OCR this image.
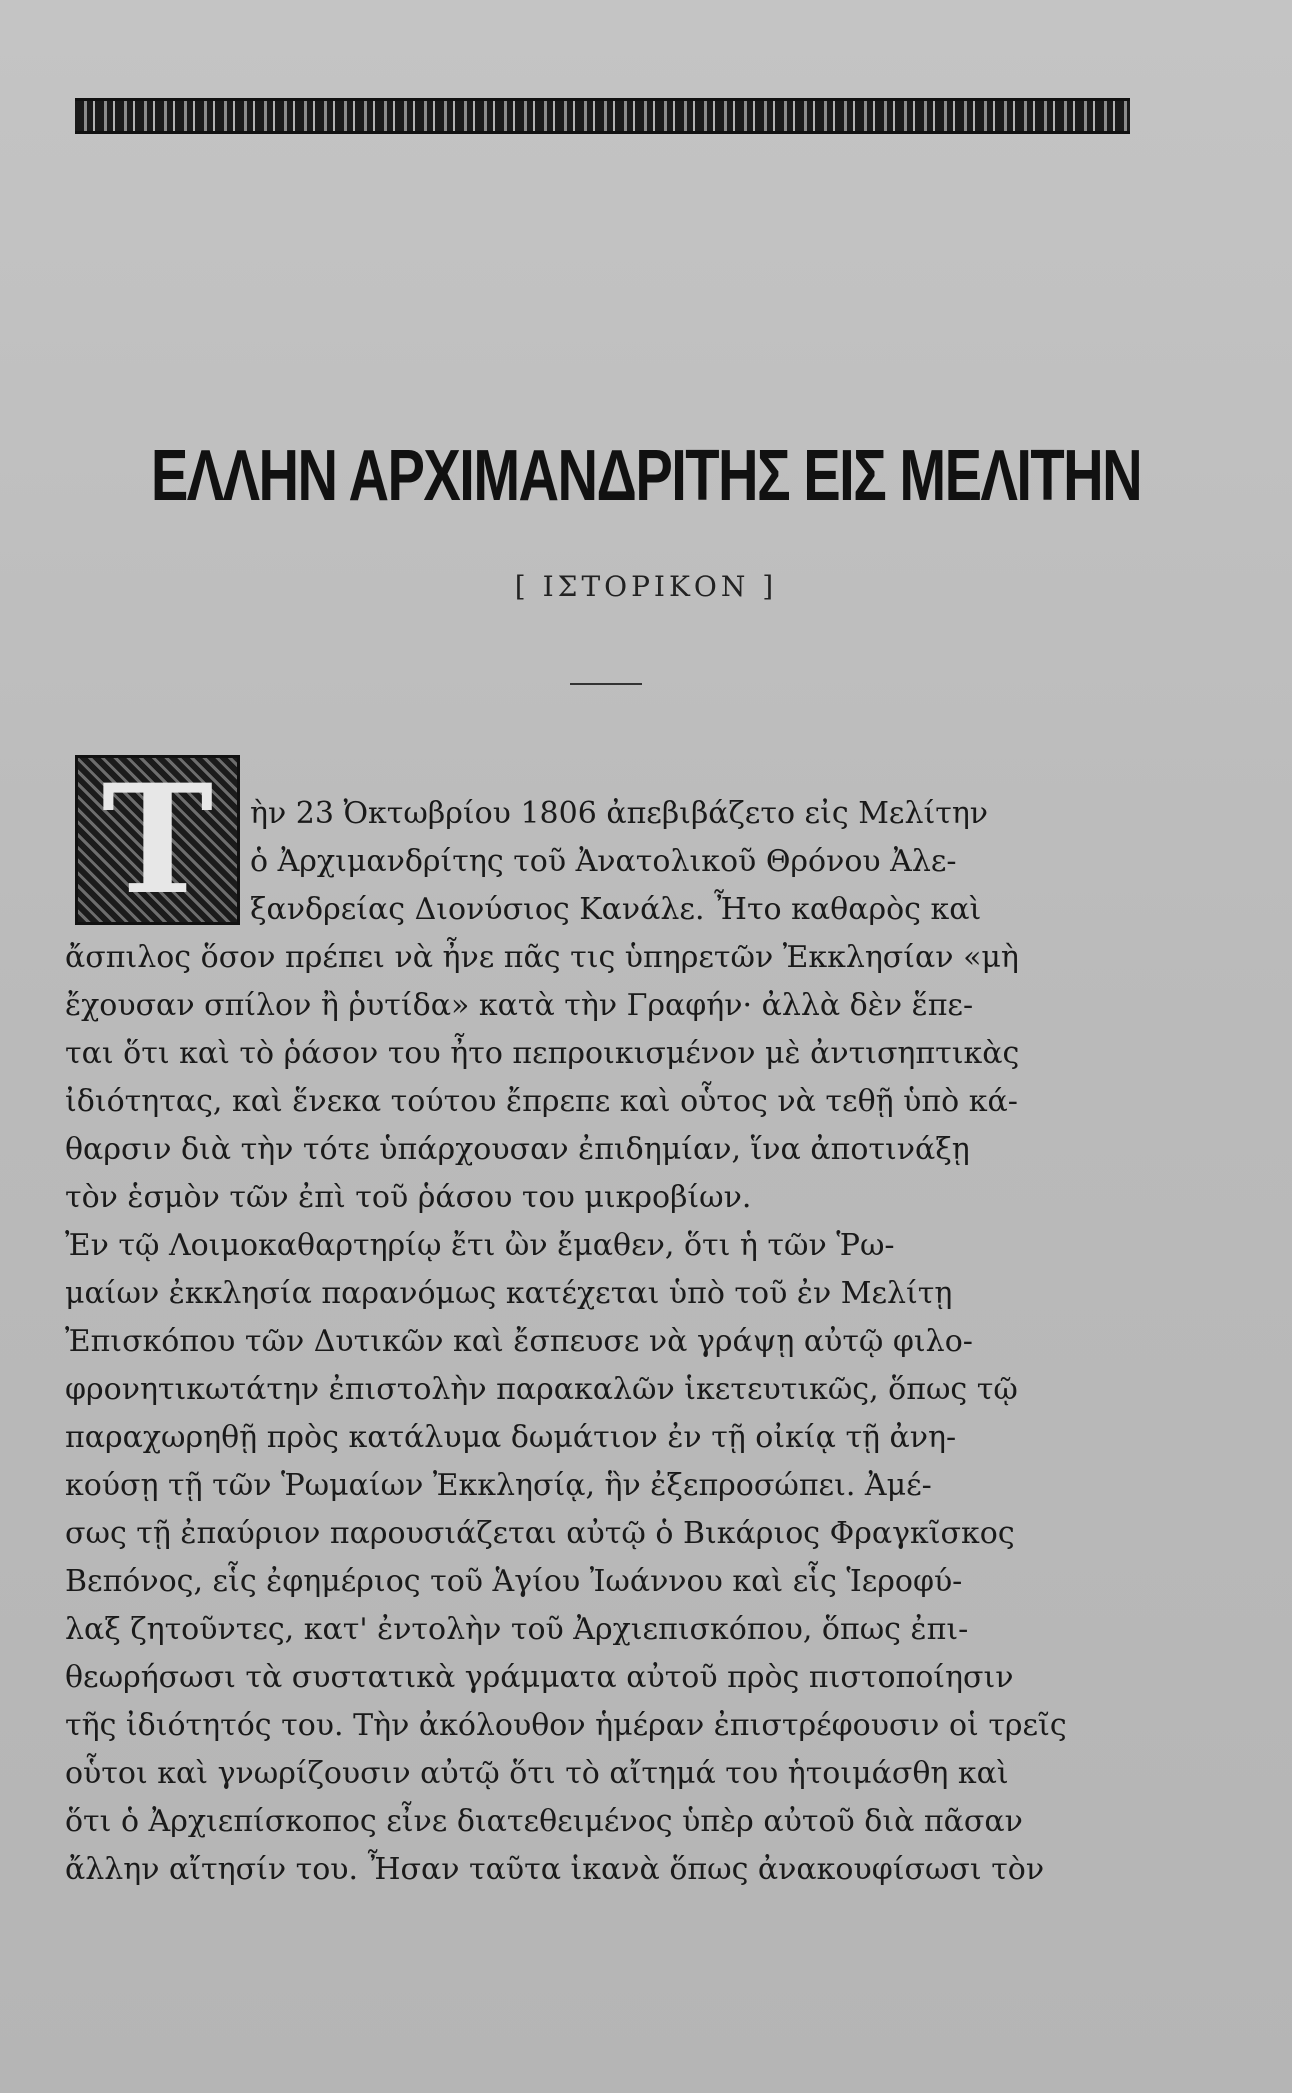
ΕΛΛΗΝ ΑΡΧΙΜΑΝΔΡΙΤΗΣ ΕΙΣ ΜΕΛΙΤΗΝ
[ ΙΣΤΟΡΙΚΟΝ ]
T	ὴν 23 Ὀκτωβρίου 1806 ἀπεβιβάζετο εἰς Μελίτην
ὁ Ἀρχιμανδρίτης τοῦ Ἀνατολικοῦ Θρόνου Ἀλε-
ξανδρείας Διονύσιος Κανάλε. Ἦτο καθαρὸς καὶ
ἄσπιλος ὅσον πρέπει νὰ ἦνε πᾶς τις ὑπηρετῶν Ἐκκλησίαν «μὴ
ἔχουσαν σπίλον ἢ ῥυτίδα» κατὰ τὴν Γραφήν· ἀλλὰ δὲν ἕπε-
ται ὅτι καὶ τὸ ῥάσον του ἦτο πεπροικισμένον μὲ ἀντισηπτικὰς
ἰδιότητας, καὶ ἕνεκα τούτου ἔπρεπε καὶ οὗτος νὰ τεθῇ ὑπὸ κά-
θαρσιν διὰ τὴν τότε ὑπάρχουσαν ἐπιδημίαν, ἵνα ἀποτινάξῃ
τὸν ἑσμὸν τῶν ἐπὶ τοῦ ῥάσου του μικροβίων.
Ἐν τῷ Λοιμοκαθαρτηρίῳ ἔτι ὢν ἔμαθεν, ὅτι ἡ τῶν Ῥω-
μαίων ἐκκλησία παρανόμως κατέχεται ὑπὸ τοῦ ἐν Μελίτῃ
Ἐπισκόπου τῶν Δυτικῶν καὶ ἔσπευσε νὰ γράψῃ αὐτῷ φιλο-
φρονητικωτάτην ἐπιστολὴν παρακαλῶν ἱκετευτικῶς, ὅπως τῷ
παραχωρηθῇ πρὸς κατάλυμα δωμάτιον ἐν τῇ οἰκίᾳ τῇ ἀνη-
κούσῃ τῇ τῶν Ῥωμαίων Ἐκκλησίᾳ, ἣν ἐξεπροσώπει. Ἀμέ-
σως τῇ ἐπαύριον παρουσιάζεται αὐτῷ ὁ Βικάριος Φραγκῖσκος
Βεπόνος, εἷς ἐφημέριος τοῦ Ἁγίου Ἰωάννου καὶ εἷς Ἱεροφύ-
λαξ ζητοῦντες, κατ' ἐντολὴν τοῦ Ἀρχιεπισκόπου, ὅπως ἐπι-
θεωρήσωσι τὰ συστατικὰ γράμματα αὐτοῦ πρὸς πιστοποίησιν
τῆς ἰδιότητός του. Τὴν ἀκόλουθον ἡμέραν ἐπιστρέφουσιν οἱ τρεῖς
οὗτοι καὶ γνωρίζουσιν αὐτῷ ὅτι τὸ αἴτημά του ἡτοιμάσθη καὶ
ὅτι ὁ Ἀρχιεπίσκοπος εἶνε διατεθειμένος ὑπὲρ αὐτοῦ διὰ πᾶσαν
ἄλλην αἴτησίν του. Ἦσαν ταῦτα ἱκανὰ ὅπως ἀνακουφίσωσι τὸν
